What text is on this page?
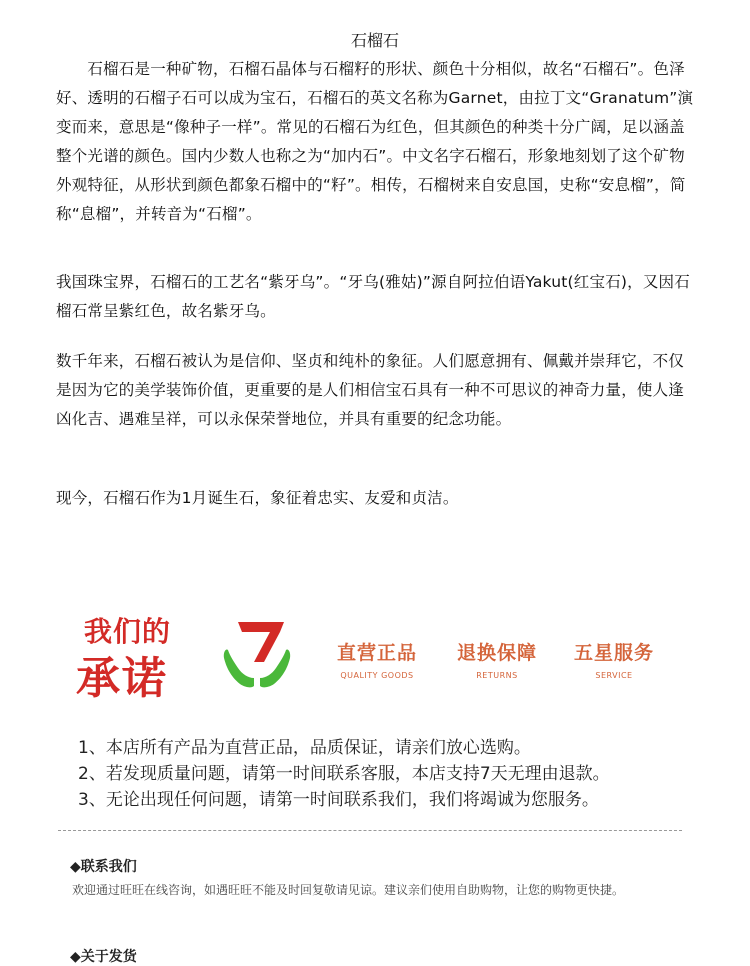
石榴石
　　石榴石是一种矿物，石榴石晶体与石榴籽的形状、颜色十分相似，故名“石榴石”。色泽好、透明的石榴子石可以成为宝石，石榴石的英文名称为Garnet，由拉丁文“Granatum”演变而来，意思是“像种子一样”。常见的石榴石为红色，但其颜色的种类十分广阔，足以涵盖整个光谱的颜色。国内少数人也称之为“加内石”。中文名字石榴石，形象地刻划了这个矿物外观特征，从形状到颜色都象石榴中的“籽”。相传，石榴树来自安息国，史称“安息榴”，简称“息榴”，并转音为“石榴”。
我国珠宝界，石榴石的工艺名“紫牙乌”。“牙乌(雅姑)”源自阿拉伯语Yakut(红宝石)，又因石榴石常呈紫红色，故名紫牙乌。
数千年来，石榴石被认为是信仰、坚贞和纯朴的象征。人们愿意拥有、佩戴并崇拜它，不仅是因为它的美学装饰价值，更重要的是人们相信宝石具有一种不可思议的神奇力量，使人逢凶化吉、遇难呈祥，可以永保荣誉地位，并具有重要的纪念功能。
现今，石榴石作为1月诞生石，象征着忠实、友爱和贞洁。
我们的
承诺	直营正品
QUALITY GOODS
退换保障
RETURNS
五星服务
SERVICE
1、本店所有产品为直营正品，品质保证，请亲们放心选购。
2、若发现质量问题，请第一时间联系客服，本店支持7天无理由退款。
3、无论出现任何问题，请第一时间联系我们，我们将竭诚为您服务。
◆联系我们
欢迎通过旺旺在线咨询，如遇旺旺不能及时回复敬请见谅。建议亲们使用自助购物，让您的购物更快捷。
◆关于发货
